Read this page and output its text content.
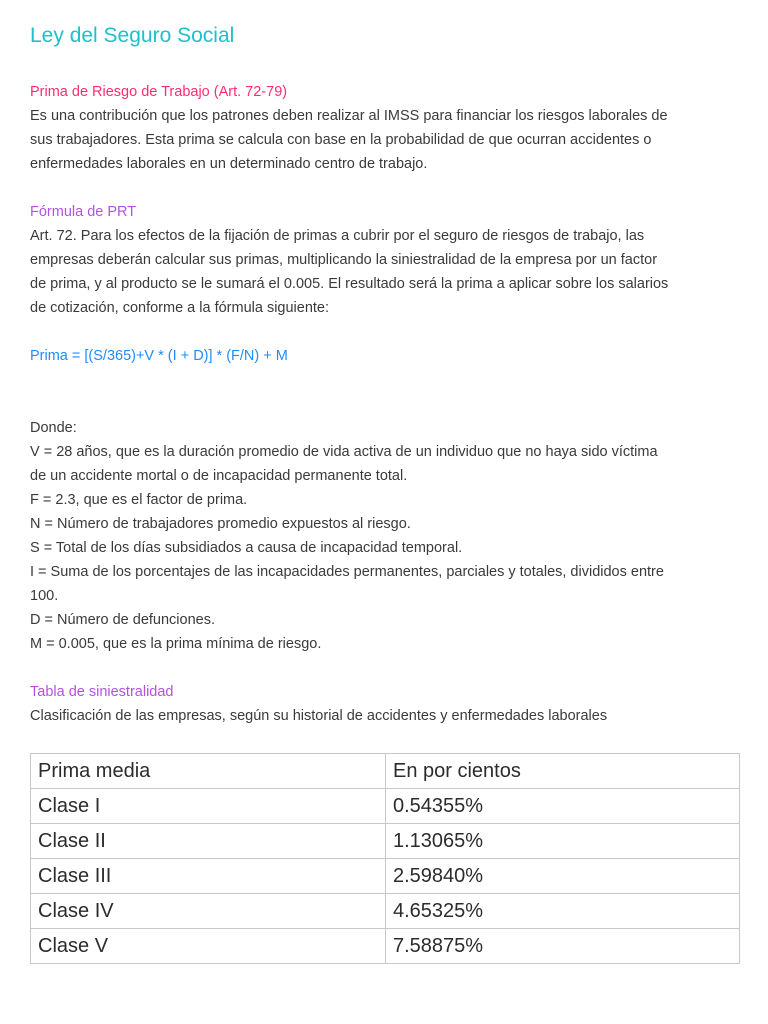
Ley del Seguro Social

Prima de Riesgo de Trabajo (Art. 72-79)

Es una contribución que los patrones deben realizar al IMSS para financiar los riesgos laborales de

sus trabajadores. Esta prima se calcula con base en la probabilidad de que ocurran accidentes o

enfermedades laborales en un determinado centro de trabajo.

Fórmula de PRT

Art. 72. Para los efectos de la fijación de primas a cubrir por el seguro de riesgos de trabajo, las

empresas deberán calcular sus primas, multiplicando la siniestralidad de la empresa por un factor

de prima, y al producto se le sumará el 0.005. El resultado será la prima a aplicar sobre los salarios

de cotización, conforme a la fórmula siguiente:

Prima = [(S/365)+V * (I + D)] * (F/N) + M

Donde:

V = 28 años, que es la duración promedio de vida activa de un individuo que no haya sido víctima

de un accidente mortal o de incapacidad permanente total.

F = 2.3, que es el factor de prima.

N = Número de trabajadores promedio expuestos al riesgo.

S = Total de los días subsidiados a causa de incapacidad temporal.

I = Suma de los porcentajes de las incapacidades permanentes, parciales y totales, divididos entre

100.

D = Número de defunciones.

M = 0.005, que es la prima mínima de riesgo.

Tabla de siniestralidad

Clasificación de las empresas, según su historial de accidentes y enfermedades laborales

Prima media	En por cientos
Clase I	0.54355%
Clase II	1.13065%
Clase III	2.59840%
Clase IV	4.65325%
Clase V	7.58875%
